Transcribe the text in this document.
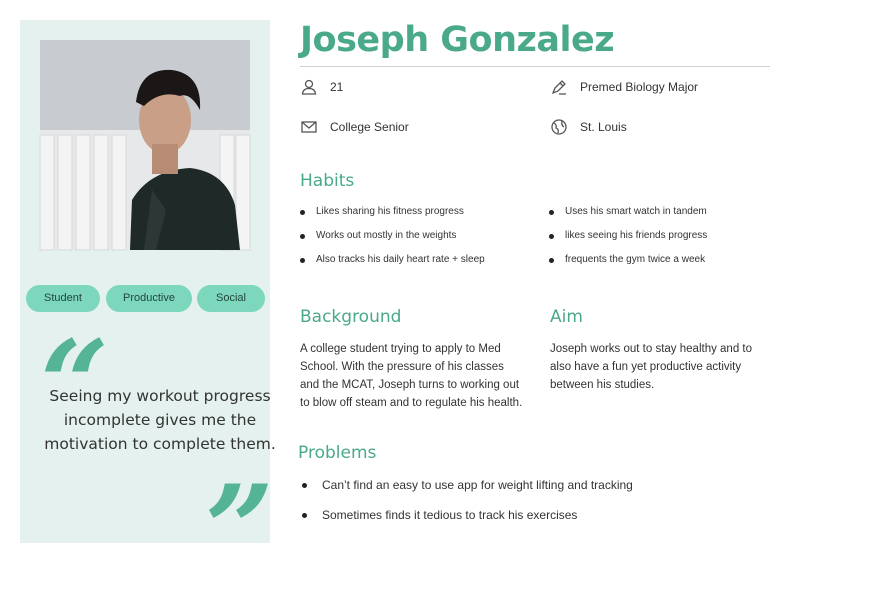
Student	Productive	Social
“
Seeing my workout progress incomplete gives me the motivation to complete them.
”
Joseph Gonzalez
21	Premed Biology Major
College Senior	St. Louis
Habits
Likes sharing his fitness progress
Works out mostly in the weights
Also tracks his daily heart rate + sleep
Uses his smart watch in tandem
likes seeing his friends progress
frequents the gym twice a week
Background
A college student trying to apply to Med School. With the pressure of his classes and the MCAT, Joseph turns to working out to blow off steam and to regulate his health.
Aim
Joseph works out to stay healthy and to also have a fun yet productive activity between his studies.
Problems
Can’t find an easy to use app for weight lifting and tracking
Sometimes finds it tedious to track his exercises
